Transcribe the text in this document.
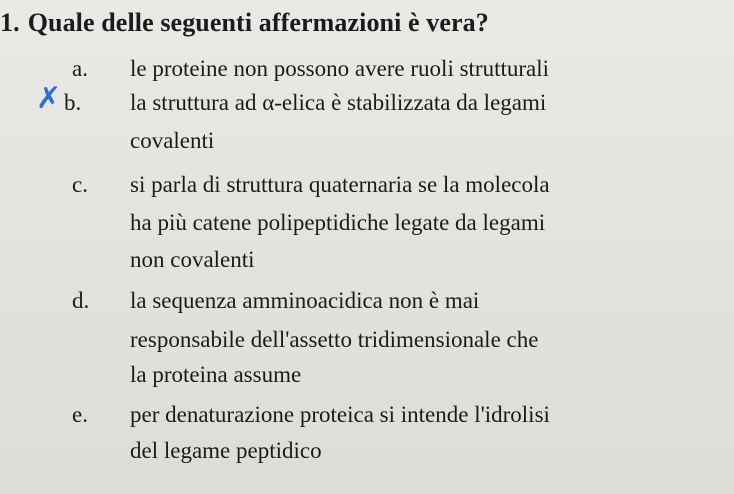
1. Quale delle seguenti affermazioni è vera?
a. le proteine non possono avere ruoli strutturali
✗ b. la struttura ad α-elica è stabilizzata da legami
covalenti
c. si parla di struttura quaternaria se la molecola
ha più catene polipeptidiche legate da legami
non covalenti
d. la sequenza amminoacidica non è mai
responsabile dell'assetto tridimensionale che
la proteina assume
e. per denaturazione proteica si intende l'idrolisi
del legame peptidico
